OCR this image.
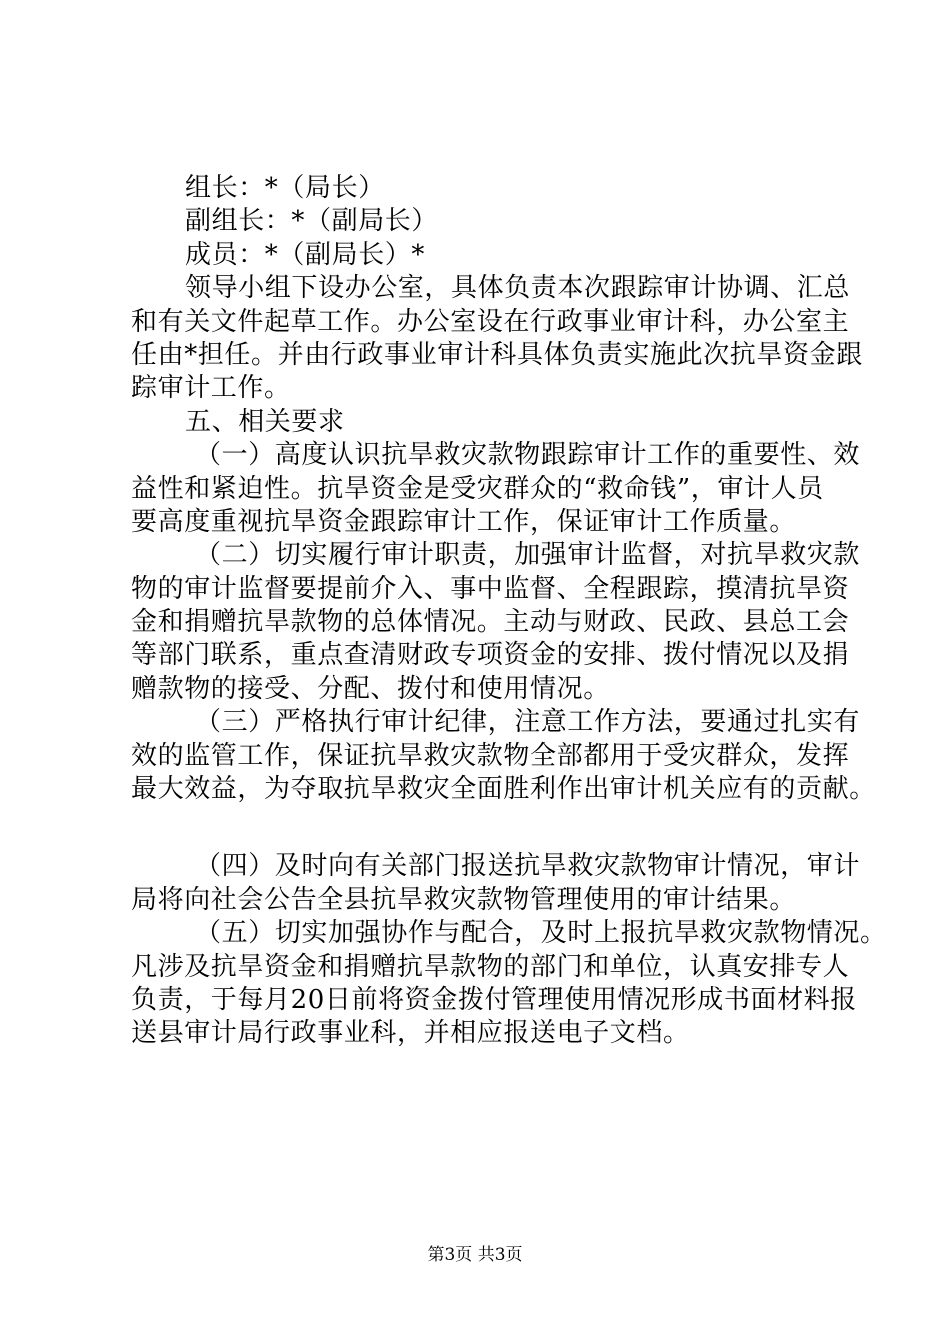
组长：*（局长）
副组长：*（副局长）
成员：*（副局长）*
领导小组下设办公室，具体负责本次跟踪审计协调、汇总
和有关文件起草工作。办公室设在行政事业审计科，办公室主
任由*担任。并由行政事业审计科具体负责实施此次抗旱资金跟
踪审计工作。
五、相关要求
（一）高度认识抗旱救灾款物跟踪审计工作的重要性、效
益性和紧迫性。抗旱资金是受灾群众的“救命钱”，审计人员
要高度重视抗旱资金跟踪审计工作，保证审计工作质量。
（二）切实履行审计职责，加强审计监督，对抗旱救灾款
物的审计监督要提前介入、事中监督、全程跟踪，摸清抗旱资
金和捐赠抗旱款物的总体情况。主动与财政、民政、县总工会
等部门联系，重点查清财政专项资金的安排、拨付情况以及捐
赠款物的接受、分配、拨付和使用情况。
（三）严格执行审计纪律，注意工作方法，要通过扎实有
效的监管工作，保证抗旱救灾款物全部都用于受灾群众，发挥
最大效益，为夺取抗旱救灾全面胜利作出审计机关应有的贡献。
（四）及时向有关部门报送抗旱救灾款物审计情况，审计
局将向社会公告全县抗旱救灾款物管理使用的审计结果。
（五）切实加强协作与配合，及时上报抗旱救灾款物情况。
凡涉及抗旱资金和捐赠抗旱款物的部门和单位，认真安排专人
负责，于每月20日前将资金拨付管理使用情况形成书面材料报
送县审计局行政事业科，并相应报送电子文档。
第3页 共3页
